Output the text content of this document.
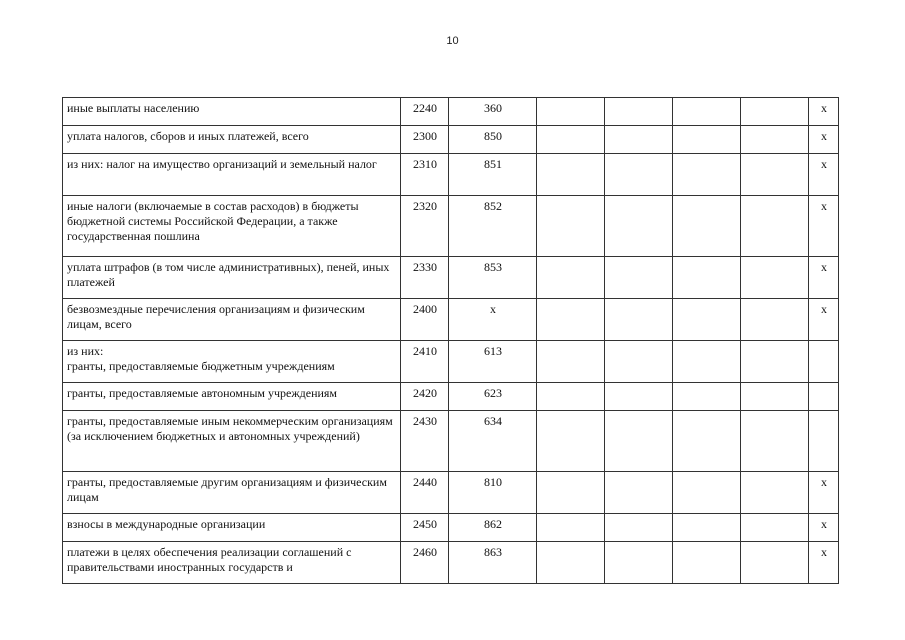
10
иные выплаты населению	2240	360					x
уплата налогов, сборов и иных платежей, всего	2300	850					x
из них: налог на имущество организаций и земельный налог	2310	851					x
иные налоги (включаемые в состав расходов) в бюджеты бюджетной системы Российской Федерации, а также государственная пошлина	2320	852					x
уплата штрафов (в том числе административных), пеней, иных платежей	2330	853					x
безвозмездные перечисления организациям и физическим лицам, всего	2400	x					x

из них:
гранты, предоставляемые бюджетным учреждениям	2410	613					
гранты, предоставляемые автономным учреждениям	2420	623					
гранты, предоставляемые иным некоммерческим организациям (за исключением бюджетных и автономных учреждений)	2430	634					
гранты, предоставляемые другим организациям и физическим лицам	2440	810					x
взносы в международные организации	2450	862					x
платежи в целях обеспечения реализации соглашений с правительствами иностранных государств и	2460	863					x
